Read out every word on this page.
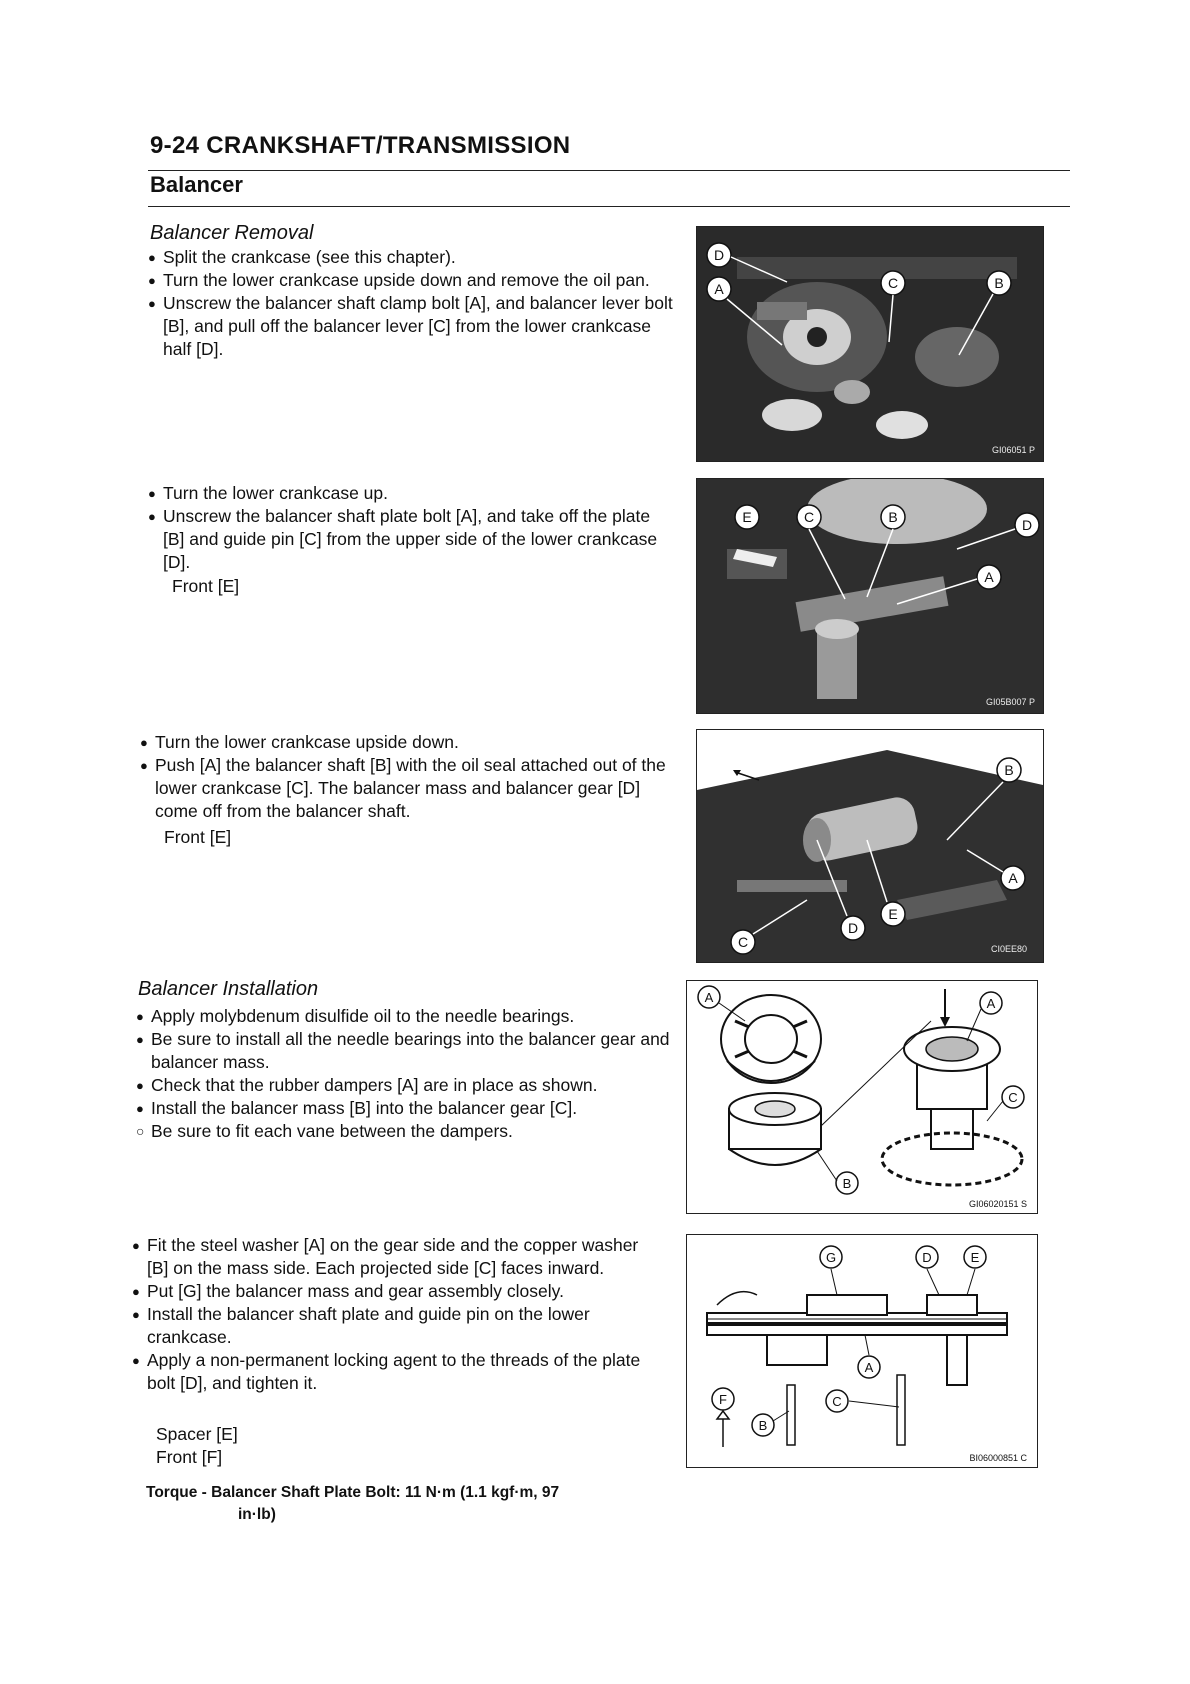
9-24 CRANKSHAFT/TRANSMISSION
Balancer
Balancer Removal
● Split the crankcase (see this chapter).
● Turn the lower crankcase upside down and remove the oil pan.
● Unscrew the balancer shaft clamp bolt [A], and balancer lever bolt [B], and pull off the balancer lever [C] from the lower crankcase half [D].
● Turn the lower crankcase up.
● Unscrew the balancer shaft plate bolt [A], and take off the plate [B] and guide pin [C] from the upper side of the lower crankcase [D].
Front [E]
● Turn the lower crankcase upside down.
● Push [A] the balancer shaft [B] with the oil seal attached out of the lower crankcase [C]. The balancer mass and balancer gear [D] come off from the balancer shaft.
Front [E]
Balancer Installation
● Apply molybdenum disulfide oil to the needle bearings.
● Be sure to install all the needle bearings into the balancer gear and balancer mass.
● Check that the rubber dampers [A] are in place as shown.
● Install the balancer mass [B] into the balancer gear [C].
○ Be sure to fit each vane between the dampers.
● Fit the steel washer [A] on the gear side and the copper washer [B] on the mass side. Each projected side [C] faces inward.
● Put [G] the balancer mass and gear assembly closely.
● Install the balancer shaft plate and guide pin on the lower crankcase.
● Apply a non-permanent locking agent to the threads of the plate bolt [D], and tighten it.
Spacer [E]
Front [F]
Torque - Balancer Shaft Plate Bolt: 11 N·m (1.1 kgf·m, 97
in·lb)
D
A	C	B
GI06051 P
E	C	B	D
A
GI05B007 P
B
A
D
E
C	CI0EE80
A	A
C
B
GI06020151 S
G	D	E
A
C
F
B
BI06000851 C
